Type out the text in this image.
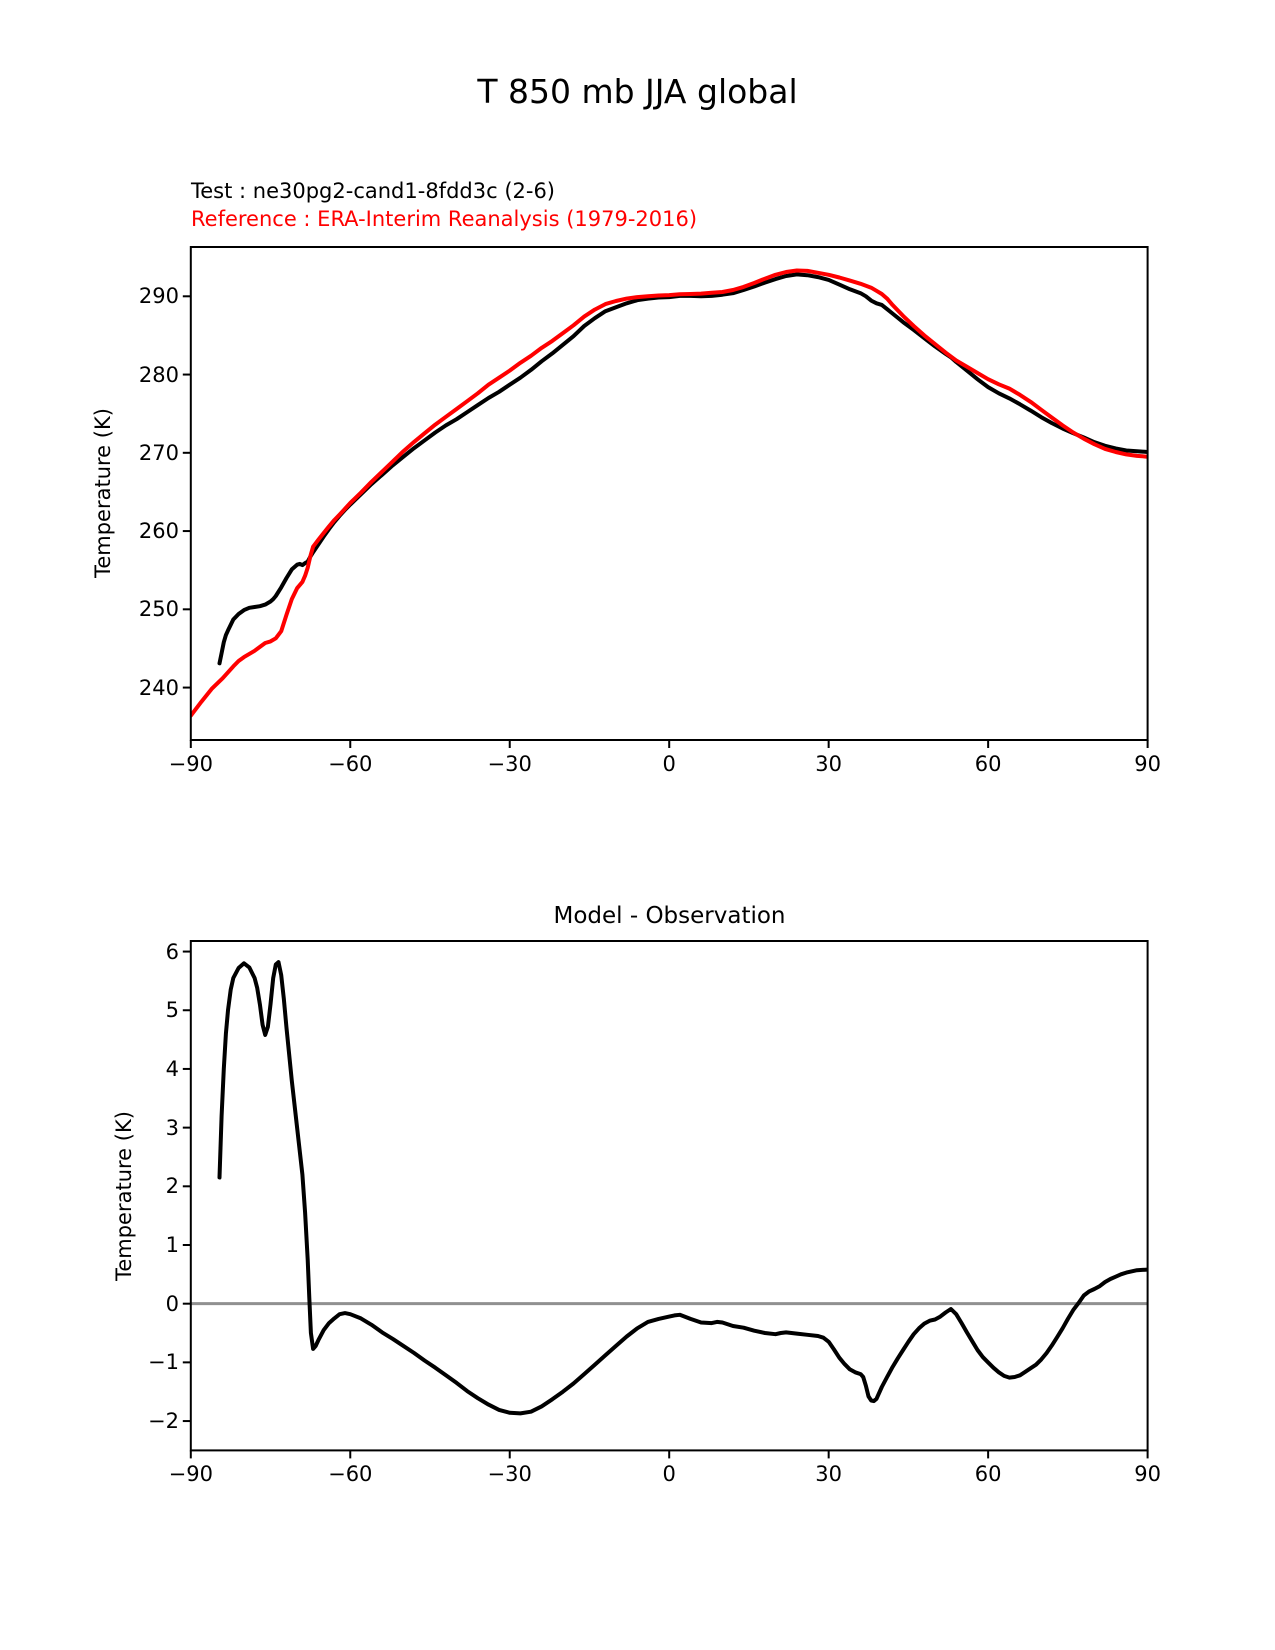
T 850 mb JJA global
Test : ne30pg2-cand1-8fdd3c (2-6)
Reference : ERA-Interim Reanalysis (1979-2016)
Temperature (K)
Model - Observation
Temperature (K)
−90	−60	−30	0	30	60	90
240
250
260
270
280
290
−90	−60	−30	0	30	60	90
−2
−1
0
1
2
3
4
5
6
